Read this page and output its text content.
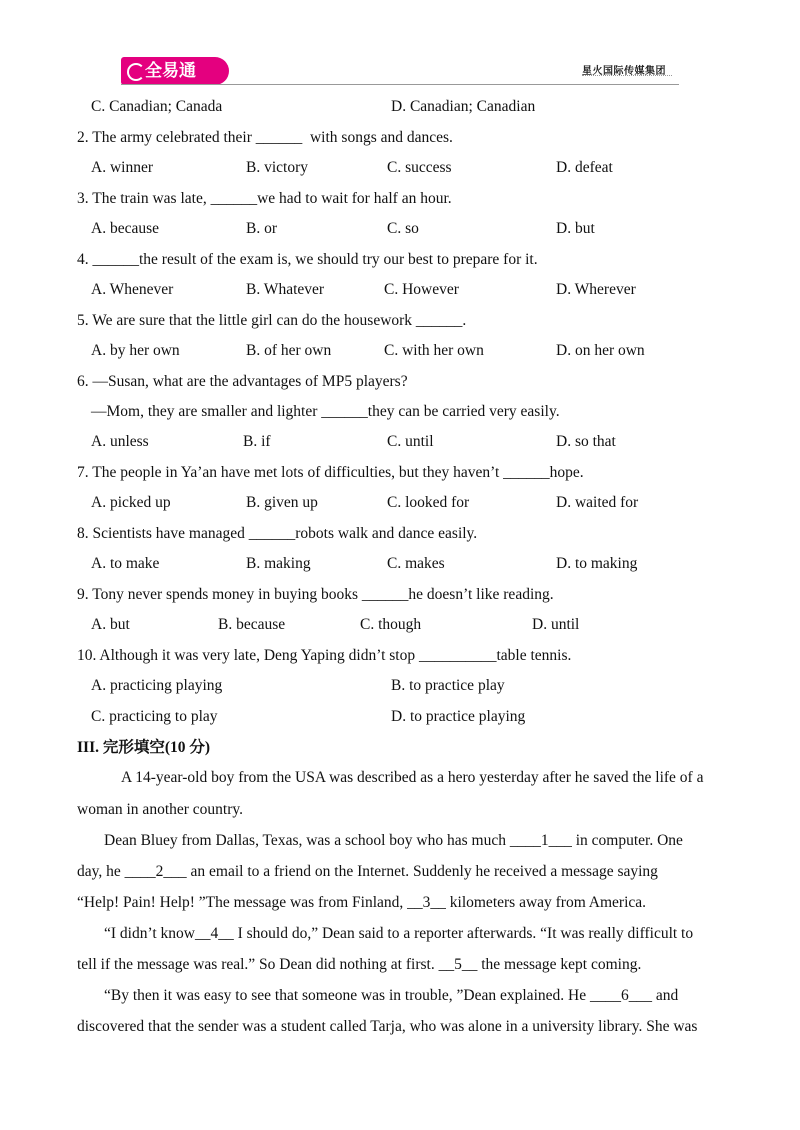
全易通	星火国际传媒集团
C. Canadian; Canada	D. Canadian; Canadian
2. The army celebrated their ______  with songs and dances.
A. winner	B. victory	C. success	D. defeat
3. The train was late, ______we had to wait for half an hour.
A. because	B. or	C. so	D. but
4. ______the result of the exam is, we should try our best to prepare for it.
A. Whenever	B. Whatever	C. However	D. Wherever
5. We are sure that the little girl can do the housework ______.
A. by her own	B. of her own	C. with her own	D. on her own
6. —Susan, what are the advantages of MP5 players?
—Mom, they are smaller and lighter ______they can be carried very easily.
A. unless	B. if	C. until	D. so that
7. The people in Ya’an have met lots of difficulties, but they haven’t ______hope.
A. picked up	B. given up	C. looked for	D. waited for
8. Scientists have managed ______robots walk and dance easily.
A. to make	B. making	C. makes	D. to making
9. Tony never spends money in buying books ______he doesn’t like reading.
A. but	B. because	C. though	D. until
10. Although it was very late, Deng Yaping didn’t stop __________table tennis.
A. practicing playing	B. to practice play
C. practicing to play	D. to practice playing
III. 完形填空(10 分)
A 14-year-old boy from the USA was described as a hero yesterday after he saved the life of a
woman in another country.
Dean Bluey from Dallas, Texas, was a school boy who has much ____1___ in computer. One
day, he ____2___ an email to a friend on the Internet. Suddenly he received a message saying
“Help! Pain! Help! ”The message was from Finland, __3__ kilometers away from America.
“I didn’t know__4__ I should do,” Dean said to a reporter afterwards. “It was really difficult to
tell if the message was real.” So Dean did nothing at first. __5__ the message kept coming.
“By then it was easy to see that someone was in trouble, ”Dean explained. He ____6___ and
discovered that the sender was a student called Tarja, who was alone in a university library. She was
